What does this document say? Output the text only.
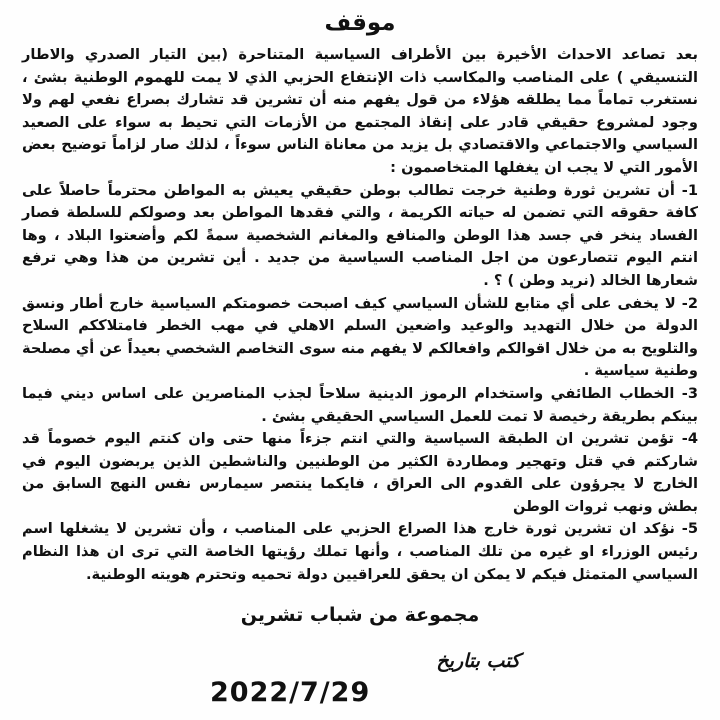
موقف

بعد تصاعد الاحداث الأخيرة بين الأطراف السياسية المتناحرة (بين التيار الصدري والاطار التنسيقي ) على المناصب والمكاسب ذات الإنتفاع الحزبي الذي لا يمت للهموم الوطنية بشئ ، نستغرب تماماً مما يطلقه هؤلاء من قول يفهم منه أن تشرين قد تشارك بصراع نفعي لهم ولا وجود لمشروع حقيقي قادر على إنقاذ المجتمع من الأزمات التي تحيط به سواء على الصعيد السياسي والاجتماعي والاقتصادي بل يزيد من معاناة الناس سوءاً ، لذلك صار لزاماً توضيح بعض الأمور التي لا يجب ان يغفلها المتخاصمون :

1- أن تشرين ثورة وطنية خرجت تطالب بوطن حقيقي يعيش به المواطن محترماً حاصلاً على كافة حقوقه التي تضمن له حياته الكريمة ، والتي فقدها المواطن بعد وصولكم للسلطة فصار الفساد ينخر في جسد هذا الوطن والمنافع والمغانم الشخصية سمةً لكم وأضعتوا البلاد ، وها انتم اليوم تتصارعون من اجل المناصب السياسية من جديد . أين تشرين من هذا وهي ترفع شعارها الخالد (نريد وطن ) ؟ .

2- لا يخفى على أي متابع للشأن السياسي كيف اصبحت خصومتكم السياسية خارج أطار ونسق الدولة من خلال التهديد والوعيد واضعين السلم الاهلي في مهب الخطر فامتلاككم السلاح والتلويح به من خلال اقوالكم وافعالكم لا يفهم منه سوى التخاصم الشخصي بعيداً عن أي مصلحة وطنية سياسية .

3- الخطاب الطائفي واستخدام الرموز الدينية سلاحاً لجذب المناصرين على اساس ديني فيما بينكم بطريقة رخيصة لا تمت للعمل السياسي الحقيقي بشئ .

4- تؤمن تشرين ان الطبقة السياسية والتي انتم جزءاً منها حتى وان كنتم اليوم خصوماً قد شاركتم في قتل وتهجير ومطاردة الكثير من الوطنيين والناشطين الذين يربضون اليوم في الخارج لا يجرؤون على القدوم الى العراق ، فايكما ينتصر سيمارس نفس النهج السابق من بطش ونهب ثروات الوطن

5- نؤكد ان تشرين ثورة خارج هذا الصراع الحزبي على المناصب ، وأن تشرين لا يشغلها اسم رئيس الوزراء او غيره من تلك المناصب ، وأنها تملك رؤيتها الخاصة التي ترى ان هذا النظام السياسي المتمثل فيكم لا يمكن ان يحقق للعراقيين دولة تحميه وتحترم هويته الوطنية.

مجموعة من شباب تشرين
كتب بتاريخ
2022/7/29
